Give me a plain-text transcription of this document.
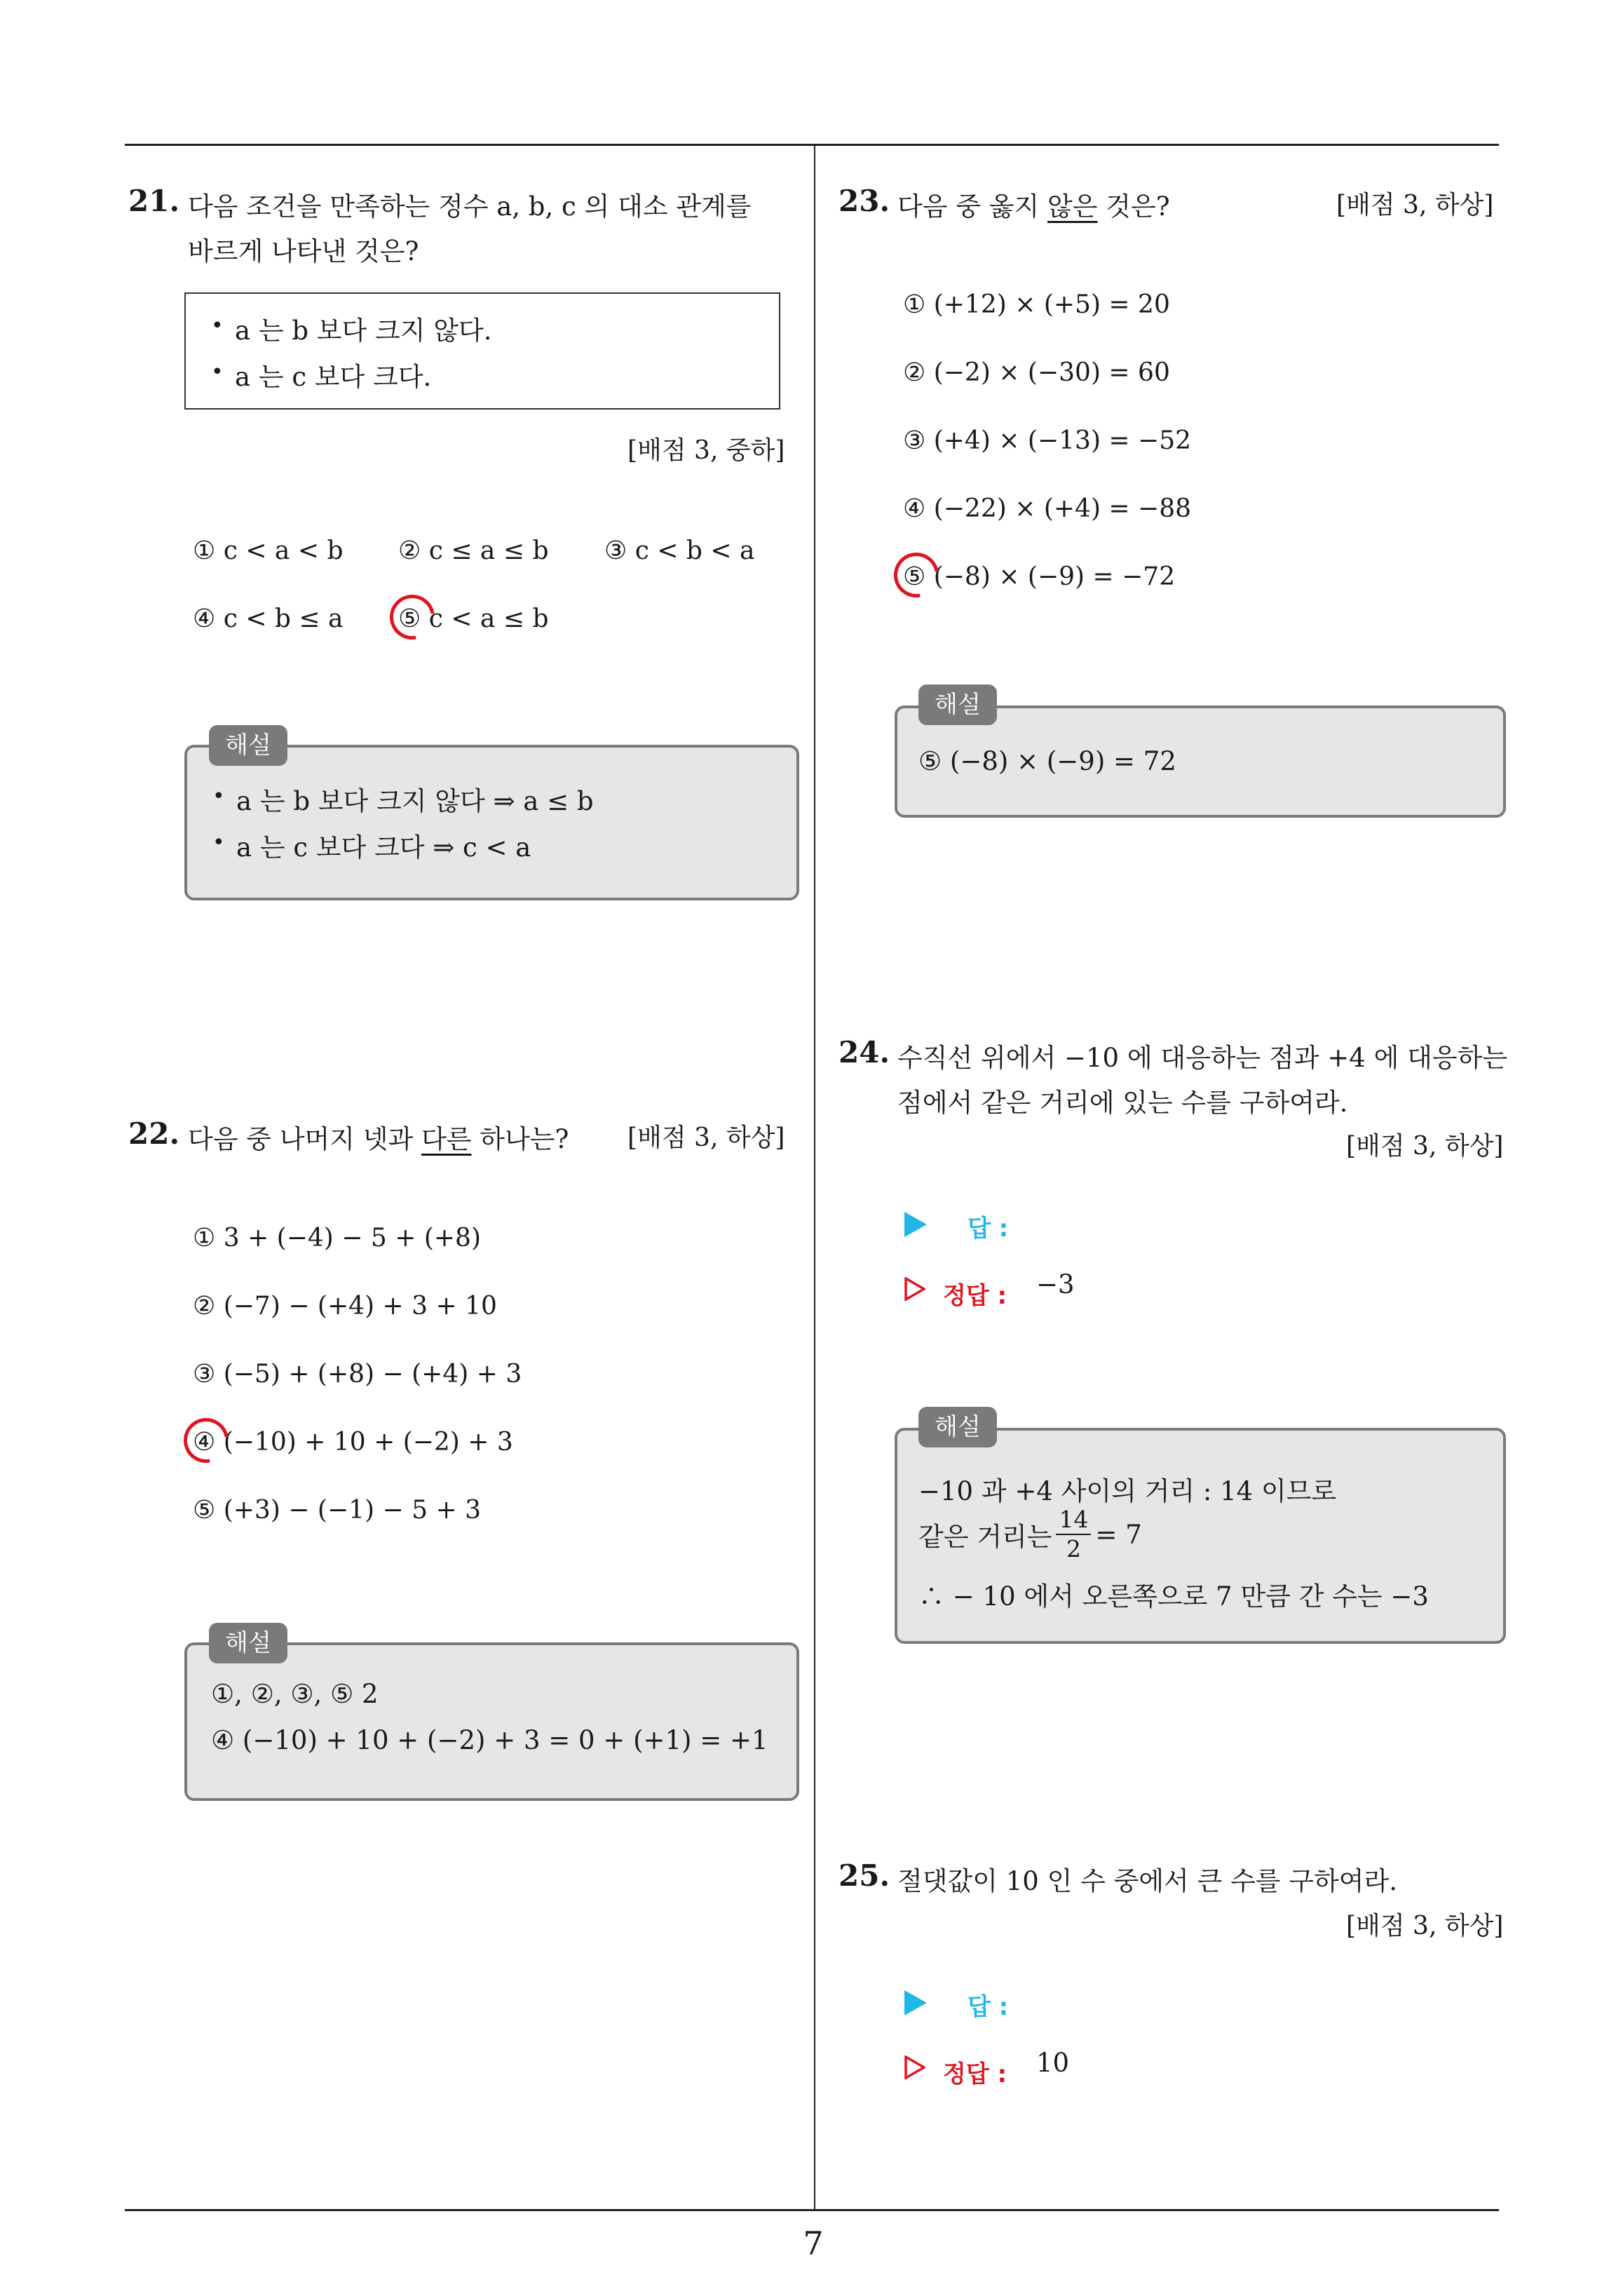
21. 다음 조건을 만족하는 정수 a, b, c 의 대소 관계를
바르게 나타낸 것은?
• a 는 b 보다 크지 않다.
• a 는 c 보다 크다.
[배점 3, 중하]
① c < a < b ② c ≤ a ≤ b ③ c < b < a
④ c < b ≤ a ⑤ c < a ≤ b
• a 는 b 보다 크지 않다 ⇒ a ≤ b
• a 는 c 보다 크다 ⇒ c < a
해설
22. 다음 중 나머지 넷과 다른 하나는? [배점 3, 하상]
① 3 + (−4) − 5 + (+8)
② (−7) − (+4) + 3 + 10
③ (−5) + (+8) − (+4) + 3
④ (−10) + 10 + (−2) + 3
⑤ (+3) − (−1) − 5 + 3
①, ②, ③, ⑤ 2
④ (−10) + 10 + (−2) + 3 = 0 + (+1) = +1
해설
23. 다음 중 옳지 않은 것은?	[배점 3, 하상]
① (+12) × (+5) = 20
② (−2) × (−30) = 60
③ (+4) × (−13) = −52
④ (−22) × (+4) = −88
⑤ (−8) × (−9) = −72
⑤ (−8) × (−9) = 72
해설
24. 수직선 위에서 −10 에 대응하는 점과 +4 에 대응하는
점에서 같은 거리에 있는 수를 구하여라.
[배점 3, 하상]
답 :
정답 : −3
−10 과 +4 사이의 거리 : 14 이므로
같은 거리는 $\frac{14}{2} = 7$
∴ − 10 에서 오른쪽으로 7 만큼 간 수는 −3
해설
25. 절댓값이 10 인 수 중에서 큰 수를 구하여라.
[배점 3, 하상]
답 :
정답 : 10
7
